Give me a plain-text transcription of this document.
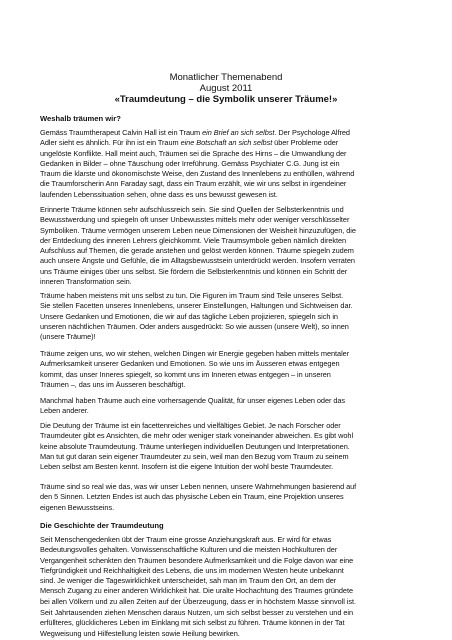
Monatlicher Themenabend
August 2011
«Traumdeutung – die Symbolik unserer Träume!»
Weshalb träumen wir?
Gemäss Traumtherapeut Calvin Hall ist ein Traum ein Brief an sich selbst. Der Psychologe Alfred
Adler sieht es ähnlich. Für ihn ist ein Traum eine Botschaft an sich selbst über Probleme oder
ungelöste Konflikte. Hall meint auch, Träumen sei die Sprache des Hirns – die Umwandlung der
Gedanken in Bilder – ohne Täuschung oder Irreführung. Gemäss Psychiater C.G. Jung ist ein
Traum die klarste und ökonomischste Weise, den Zustand des Innenlebens zu enthüllen, während
die Traumforscherin Ann Faraday sagt, dass ein Traum erzählt, wie wir uns selbst in irgendeiner
laufenden Lebenssituation sehen, ohne dass es uns bewusst gewesen ist.
Erinnerte Träume können sehr aufschlussreich sein. Sie sind Quellen der Selbsterkenntnis und
Bewusstwerdung und spiegeln oft unser Unbewusstes mittels mehr oder weniger verschlüsselter
Symboliken. Träume vermögen unserem Leben neue Dimensionen der Weisheit hinzuzufügen, die
der Entdeckung des inneren Lehrers gleichkommt. Viele Traumsymbole geben nämlich direkten
Aufschluss auf Themen, die gerade anstehen und gelöst werden können. Träume spiegeln zudem
auch unsere Ängste und Gefühle, die im Alltagsbewusstsein unterdrückt werden. Insofern verraten
uns Träume einiges über uns selbst. Sie fördern die Selbsterkenntnis und können ein Schritt der
inneren Transformation sein.
Träume haben meistens mit uns selbst zu tun. Die Figuren im Traum sind Teile unseres Selbst.
Sie stellen Facetten unseres Innenlebens, unserer Einstellungen, Haltungen und Sichtweisen dar.
Unsere Gedanken und Emotionen, die wir auf das tägliche Leben projizieren, spiegeln sich in
unseren nächtlichen Träumen. Oder anders ausgedrückt: So wie aussen (unsere Welt), so innen
(unsere Träume)!
Träume zeigen uns, wo wir stehen, welchen Dingen wir Energie gegeben haben mittels mentaler
Aufmerksamkeit unserer Gedanken und Emotionen. So wie uns im Äusseren etwas entgegen
kommt, das unser Inneres spiegelt, so kommt uns im Inneren etwas entgegen – in unseren
Träumen –, das uns im Äusseren beschäftigt.
Manchmal haben Träume auch eine vorhersagende Qualität, für unser eigenes Leben oder das
Leben anderer.
Die Deutung der Träume ist ein facettenreiches und vielfältiges Gebiet. Je nach Forscher oder
Traumdeuter gibt es Ansichten, die mehr oder weniger stark voneinander abweichen. Es gibt wohl
keine absolute Traumdeutung. Träume unterliegen individuellen Deutungen und Interpretationen.
Man tut gut daran sein eigener Traumdeuter zu sein, weil man den Bezug vom Traum zu seinem
Leben selbst am Besten kennt. Insofern ist die eigene Intuition der wohl beste Traumdeuter.
Träume sind so real wie das, was wir unser Leben nennen, unsere Wahrnehmungen basierend auf
den 5 Sinnen. Letzten Endes ist auch das physische Leben ein Traum, eine Projektion unseres
eigenen Bewusstseins.
Die Geschichte der Traumdeutung
Seit Menschengedenken übt der Traum eine grosse Anziehungskraft aus. Er wird für etwas
Bedeutungsvolles gehalten. Vorwissenschaftliche Kulturen und die meisten Hochkulturen der
Vergangenheit schenkten den Träumen besondere Aufmerksamkeit und die Folge davon war eine
Tiefgründigkeit und Reichhaltigkeit des Lebens, die uns im modernen Westen heute unbekannt
sind. Je weniger die Tageswirklichkeit unterscheidet, sah man im Traum den Ort, an dem der
Mensch Zugang zu einer anderen Wirklichkeit hat. Die uralte Hochachtung des Traumes gründete
bei allen Völkern und zu allen Zeiten auf der Überzeugung, dass er in höchstem Masse sinnvoll ist.
Seit Jahrtausenden ziehen Menschen daraus Nutzen, um sich selbst besser zu verstehen und ein
erfüllteres, glücklicheres Leben im Einklang mit sich selbst zu führen. Träume können in der Tat
Wegweisung und Hilfestellung leisten sowie Heilung bewirken.
